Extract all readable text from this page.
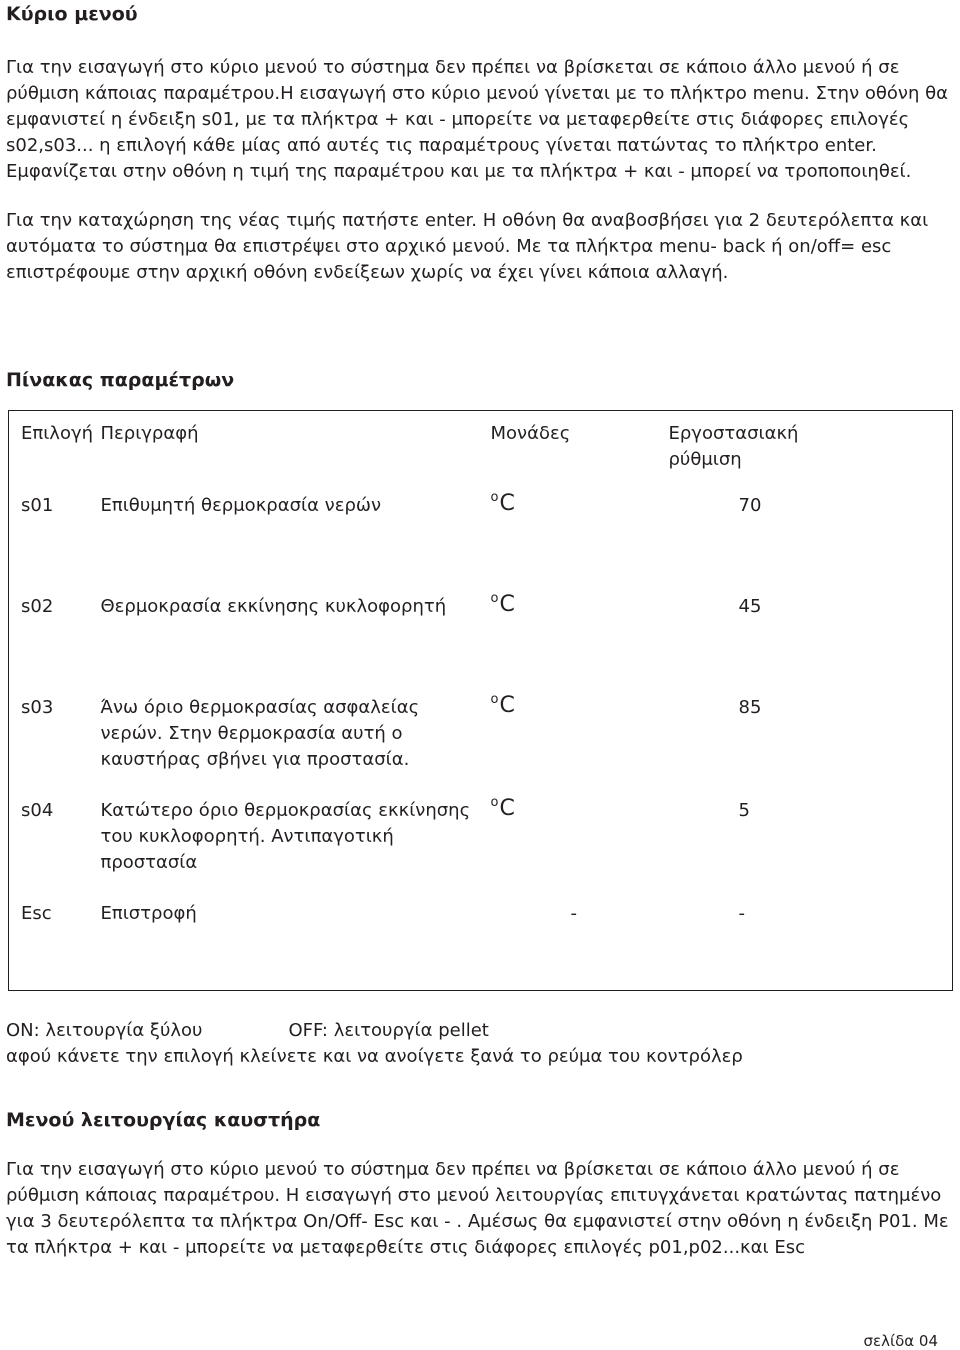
Κύριο μενού

Για την εισαγωγή στο κύριο μενού το σύστημα δεν πρέπει να βρίσκεται σε κάποιο άλλο μενού ή σε
ρύθμιση κάποιας παραμέτρου.Η εισαγωγή στο κύριο μενού γίνεται με το πλήκτρο menu. Στην οθόνη θα
εμφανιστεί η ένδειξη s01, με τα πλήκτρα + και - μπορείτε να μεταφερθείτε στις διάφορες επιλογές
s02,s03... η επιλογή κάθε μίας από αυτές τις παραμέτρους γίνεται πατώντας το πλήκτρο enter.
Εμφανίζεται στην οθόνη η τιμή της παραμέτρου και με τα πλήκτρα + και - μπορεί να τροποποιηθεί.

Για την καταχώρηση της νέας τιμής πατήστε enter. Η οθόνη θα αναβοσβήσει για 2 δευτερόλεπτα και
αυτόματα το σύστημα θα επιστρέψει στο αρχικό μενού. Με τα πλήκτρα menu- back ή on/off= esc
επιστρέφουμε στην αρχική οθόνη ενδείξεων χωρίς να έχει γίνει κάποια αλλαγή.

Πίνακας παραμέτρων
Επιλογή	Περιγραφή	Μονάδες	Εργοστασιακή
ρύθμιση

s01	Επιθυμητή θερμοκρασία νερών	$^o$C	70
s02	Θερμοκρασία εκκίνησης κυκλοφορητή	$^o$C	45
s03	Άνω όριο θερμοκρασίας ασφαλείας
νερών. Στην θερμοκρασία αυτή ο
καυστήρας σβήνει για προστασία.	$^o$C	85
s04	Κατώτερο όριο θερμοκρασίας εκκίνησης
του κυκλοφορητή. Αντιπαγοτική
προστασία	$^o$C	5
Esc	Επιστροφή	-	-
ON: λειτουργία ξύλου	OFF: λειτουργία pellet
αφού κάνετε την επιλογή κλείνετε και να ανοίγετε ξανά το ρεύμα του κοντρόλερ
Μενού λειτουργίας καυστήρα

Για την εισαγωγή στο κύριο μενού το σύστημα δεν πρέπει να βρίσκεται σε κάποιο άλλο μενού ή σε
ρύθμιση κάποιας παραμέτρου. Η εισαγωγή στο μενού λειτουργίας επιτυγχάνεται κρατώντας πατημένο
για 3 δευτερόλεπτα τα πλήκτρα On/Off- Esc και - . Αμέσως θα εμφανιστεί στην οθόνη η ένδειξη P01. Με
τα πλήκτρα + και - μπορείτε να μεταφερθείτε στις διάφορες επιλογές p01,p02...και Esc

σελίδα 04
